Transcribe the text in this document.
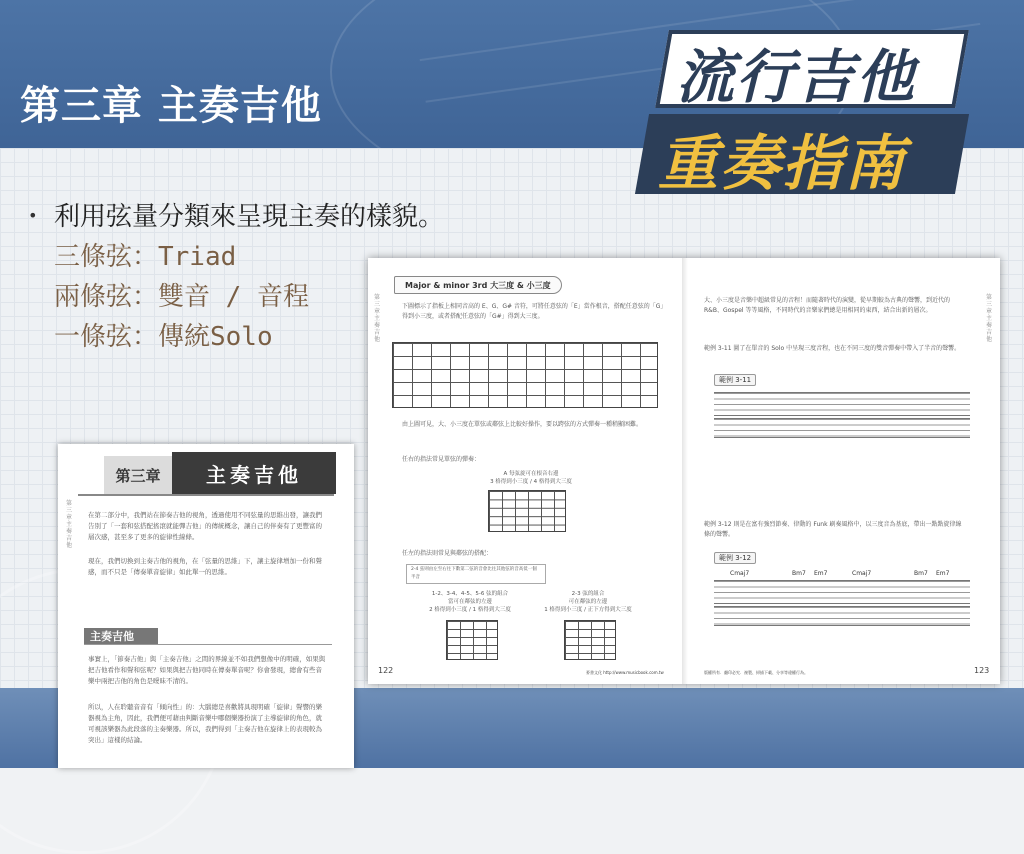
第三章 主奏吉他	流行吉他
重奏指南
• 利用弦量分類來呈現主奏的樣貌。
三條弦：Triad
兩條弦：雙音 / 音程
一條弦：傳統Solo
第三章	主奏吉他
第三章 主奏吉他
在第二部分中，我們站在節奏吉他的視角，透過使用不同弦量的思維出發，讓我們告別了「一套和弦搭配搖滾就能彈吉他」的傳統概念，讓自己的伴奏有了更豐富的層次感，甚至多了更多的旋律性線條。
現在，我們切換到主奏吉他的視角，在「弦量的思維」下，讓主旋律增加一份和聲感，而不只是「傳奏單音旋律」如此單一的思維。
主奏吉他
事實上，「節奏吉他」與「主奏吉他」之間的界線並不如我們想像中的明確，如果與把吉他看作和聲和弦呢？如果與把吉他同時在傳奏單音呢？你會發現，總會有些音樂中兩把吉他的角色是曖昧不清的。
所以，人在聆聽音音有「傾向性」的：大腦總是喜歡將具現明確「旋律」聲響的樂器視為主角，因此，我們便可藉由判斷音樂中哪個樂器扮演了主導旋律的角色，就可視該樂器為此段落的主奏樂器。所以，我們得到「主奏吉他在旋律上的表現較為突出」這樣的結論。
第三章 主奏吉他
第三章 主奏吉他
Major & minor 3rd 大三度 & 小三度
下圖標示了指板上相同音高的 E、G、G# 音符，可將任意弦的「E」當作根音，搭配任意弦的「G」得到小三度，或者搭配任意弦的「G#」得到大三度。
由上圖可見，大、小三度在單弦或鄰弦上比較好操作，要以跨弦的方式彈奏一種稍顯困難。
任右的指法常見單弦的彈奏：
A 每弦旋可在根音右邊
3 格得到小三度 / 4 格得到大三度
任左的指法則常見與鄰弦的搭配：
2-4 弦則由左至右往下數第二弦的音會比往其他弦的音高低一個半音
1-2、3-4、4-5、5-6 弦的組合
當可在鄰弦的左邊
2 格得到小三度 / 1 格得到大三度
2-3 弦的組合
可在鄰弦的左邊
1 格得到小三度 / 正下方得到大三度
大、小三度是音樂中超級常見的音程！而隨著時代的演變，從早期較為古典的聲響，到近代的 R&B、Gospel 等等風格，不同時代的音樂家們總是用相同的東西，結合出新的層次。
範例 3-11 圖了在單音的 Solo 中呈現三度音程，也在不同三度的雙音彈奏中帶入了半音的聲響。
範例 3-11
範例 3-12 則是在富有強烈節奏、律動的 Funk 刷奏風格中，以三度音為基底，帶出一點點旋律線條的聲響。
範例 3-12
Cmaj7	Bm7 Em7	Cmaj7	Bm7 Em7
122	麥書文化 http://www.musicbook.com.tw	版權所有．翻印必究．複製、掃描下載、分享等違權行為。	123
